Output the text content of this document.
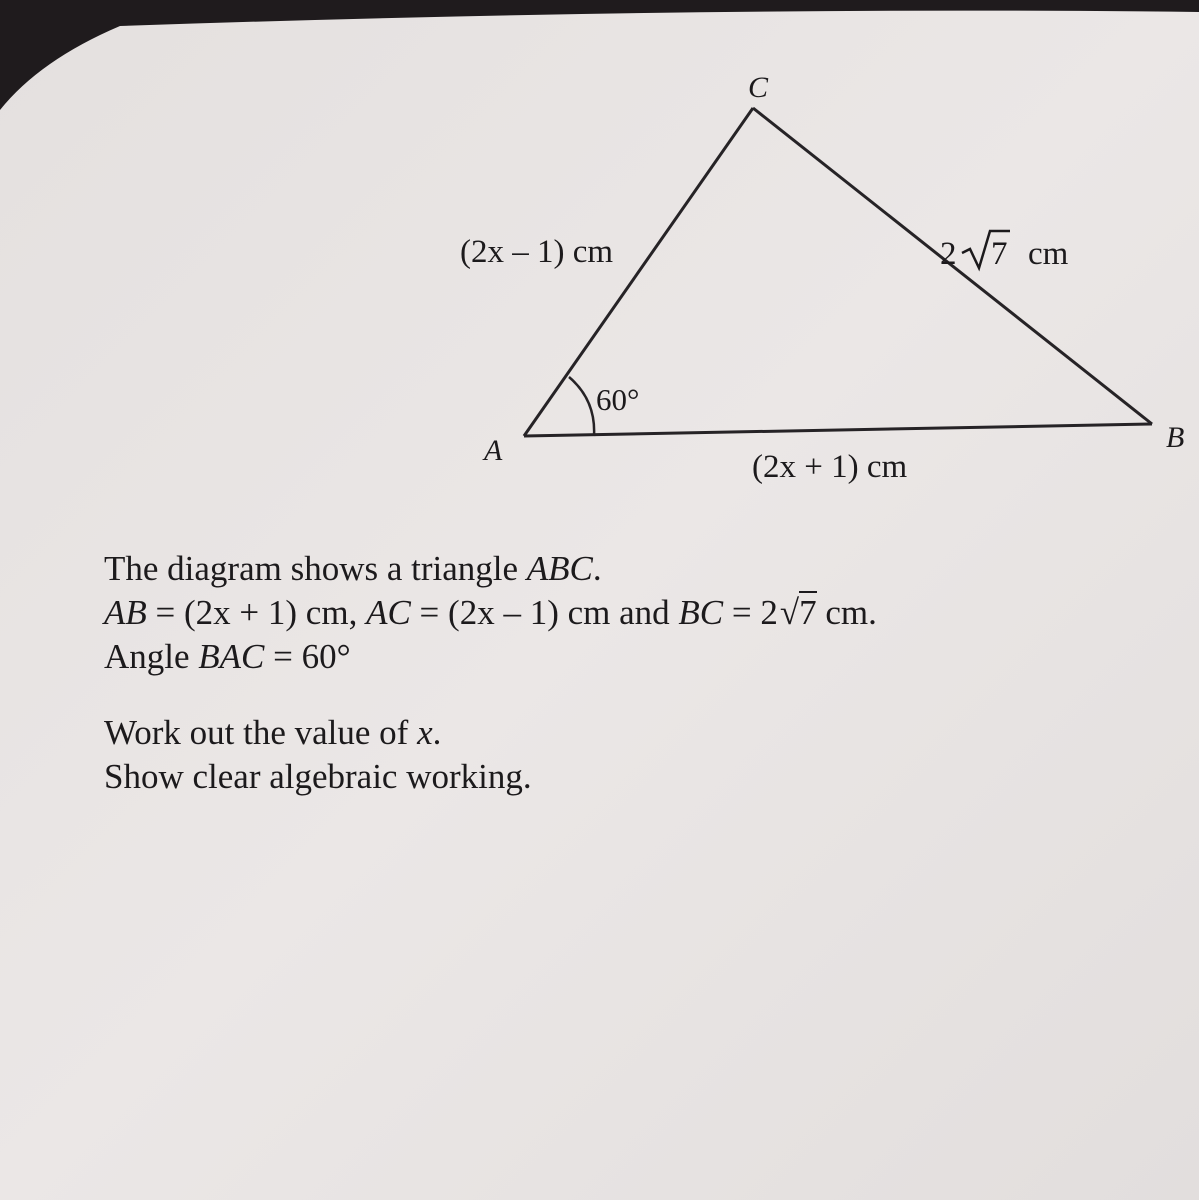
C
A	B
(2x – 1) cm
60°
(2x + 1) cm
2 7 cm
The diagram shows a triangle ABC.
AB = (2x + 1) cm, AC = (2x – 1) cm and BC = 2√7 cm.
Angle BAC = 60°
Work out the value of x.
Show clear algebraic working.
